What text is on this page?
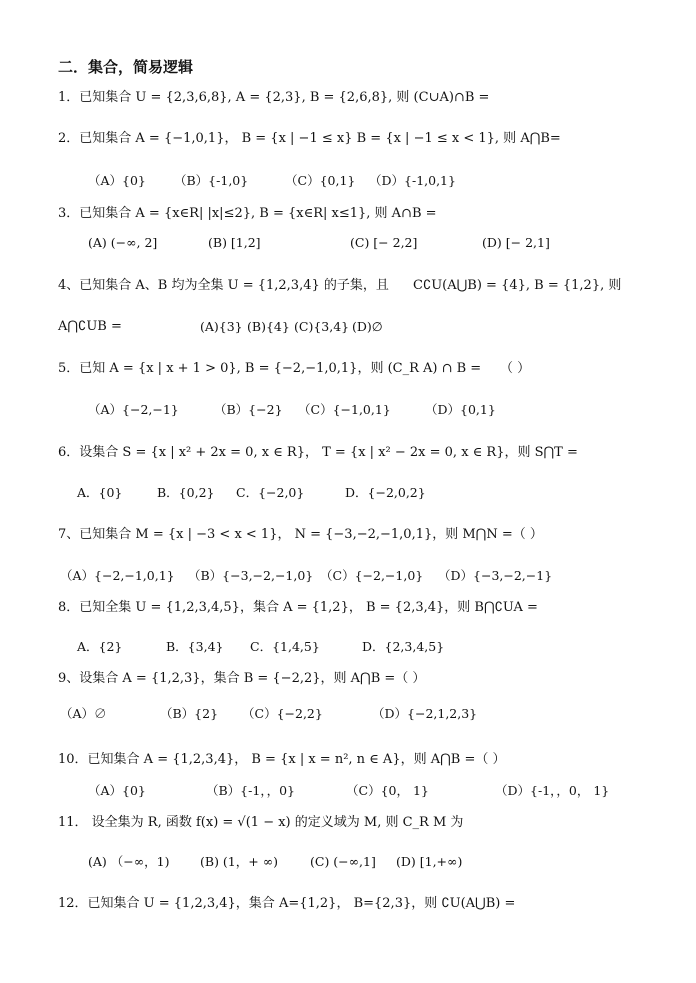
二．集合，简易逻辑
1．已知集合 U = {2,3,6,8}, A = {2,3}, B = {2,6,8}, 则 (C∪A)∩B =
2．已知集合 A = {−1,0,1}， B = {x | −1 ≤ x} B = {x | −1 ≤ x < 1}, 则 A⋂B=
（A）{0} （B）{-1,0}	（C）{0,1} （D）{-1,0,1}
3．已知集合 A = {x∈R| |x|≤2}, B = {x∈R| x≤1}, 则 A∩B =
(A) (−∞, 2]	(B) [1,2]	(C) [− 2,2]	(D) [− 2,1]
4、已知集合 A、B 均为全集 U = {1,2,3,4} 的子集，且 C∁U(A⋃B) = {4}, B = {1,2}, 则
A⋂∁UB =	(A){3} (B){4} (C){3,4} (D)∅
5．已知 A = {x | x + 1 > 0}, B = {−2,−1,0,1}，则 (C_R A) ∩ B = （ ）
（A）{−2,−1}	（B）{−2} （C）{−1,0,1}	（D）{0,1}
6．设集合 S = {x | x² + 2x = 0, x ∈ R}， T = {x | x² − 2x = 0, x ∈ R}，则 S⋂T =
A．{0}	B．{0,2} C．{−2,0}	D．{−2,0,2}
7、已知集合 M = {x | −3 < x < 1}， N = {−3,−2,−1,0,1}，则 M⋂N =（ ）
（A）{−2,−1,0,1} （B）{−3,−2,−1,0} （C）{−2,−1,0} （D）{−3,−2,−1}
8．已知全集 U = {1,2,3,4,5}，集合 A = {1,2}， B = {2,3,4}，则 B⋂∁UA =
A．{2}	B．{3,4} C．{1,4,5}	D．{2,3,4,5}
9、设集合 A = {1,2,3}，集合 B = {−2,2}，则 A⋂B =（ ）
（A）∅	（B）{2} （C）{−2,2}	（D）{−2,1,2,3}
10．已知集合 A = {1,2,3,4}， B = {x | x = n², n ∈ A}，则 A⋂B =（ ）
（A）{0}	（B）{-1，，0}	（C）{0， 1}	（D）{-1，，0， 1}
11． 设全集为 R, 函数 f(x) = √(1 − x) 的定义域为 M, 则 C_R M 为
(A) （−∞，1) (B) (1，+ ∞)	(C) (−∞,1] (D) [1,+∞)
12．已知集合 U = {1,2,3,4}，集合 A={1,2}， B={2,3}，则 ∁U(A⋃B) =
